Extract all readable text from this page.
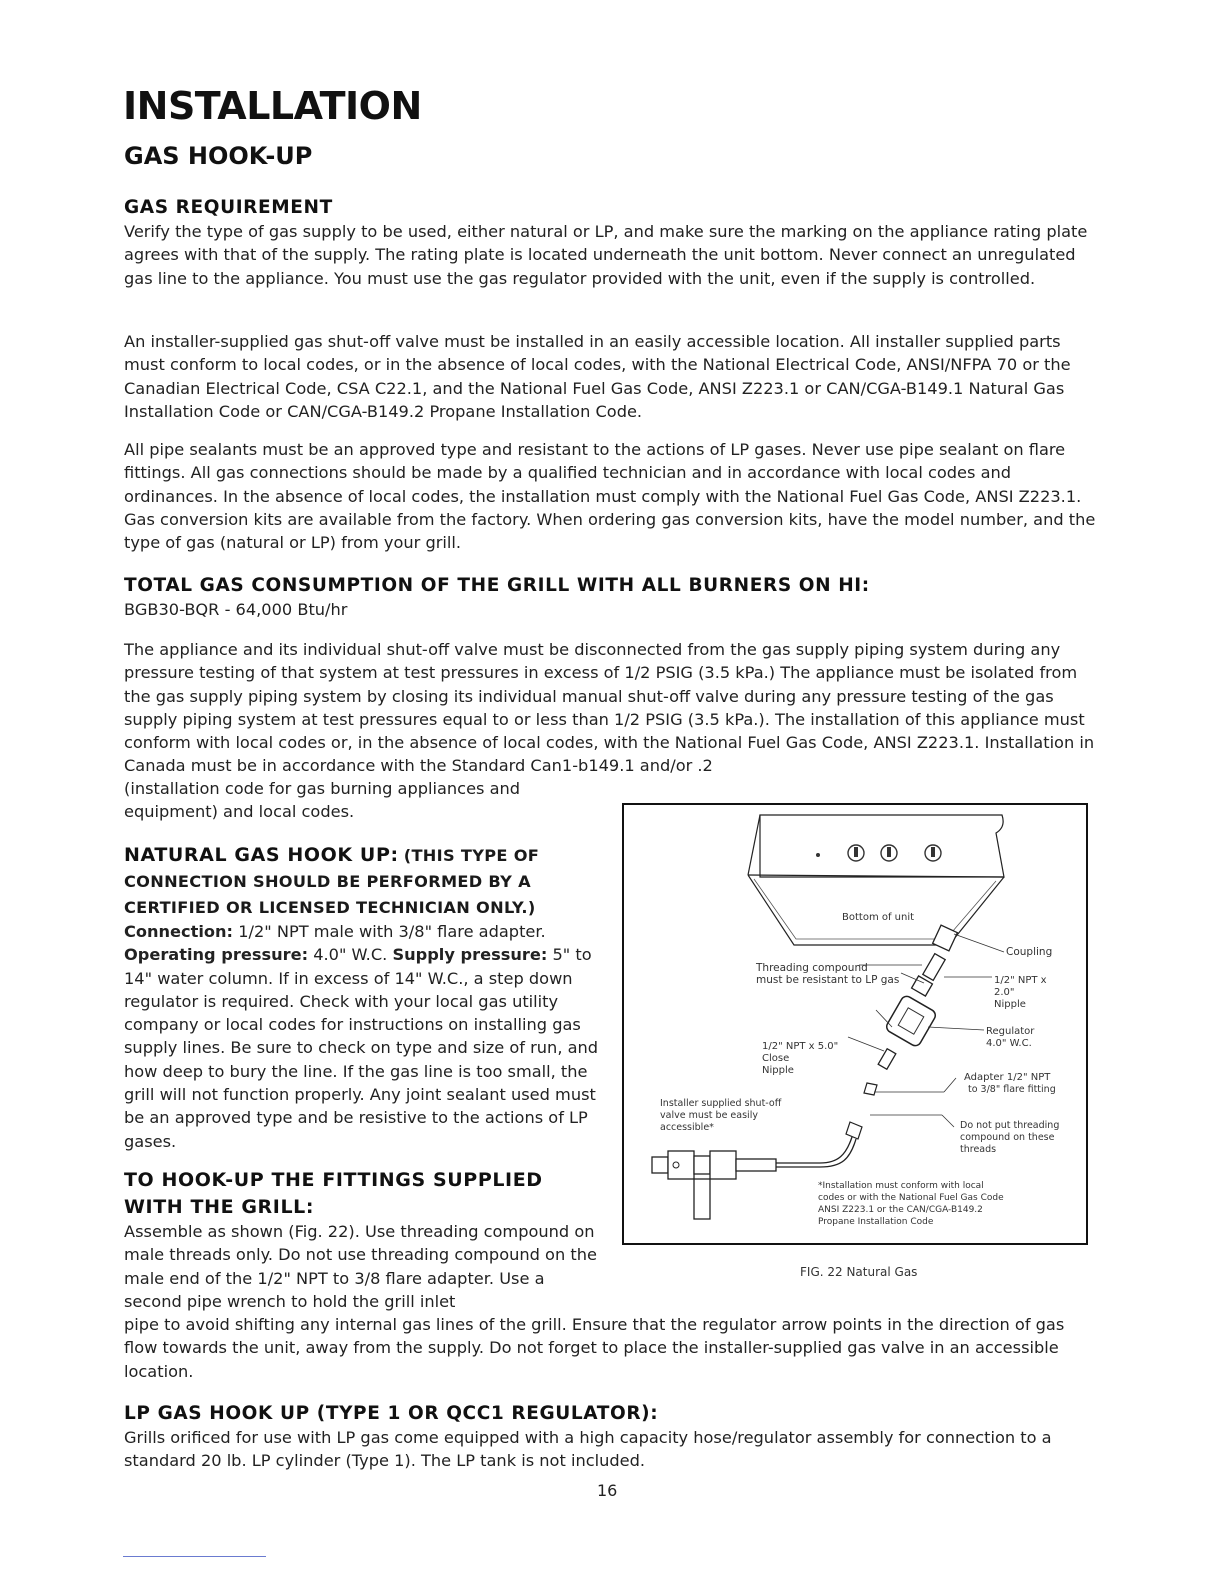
INSTALLATION
GAS HOOK-UP
GAS REQUIREMENT

Verify the type of gas supply to be used, either natural or LP, and make sure the marking on the appliance rating plate agrees with that of the supply. The rating plate is located underneath the unit bottom. Never connect an unregulated gas line to the appliance. You must use the gas regulator provided with the unit, even if the supply is controlled.

An installer-supplied gas shut-off valve must be installed in an easily accessible location. All installer supplied parts must conform to local codes, or in the absence of local codes, with the National Electrical Code, ANSI/NFPA 70 or the Canadian Electrical Code, CSA C22.1, and the National Fuel Gas Code, ANSI Z223.1 or CAN/CGA-B149.1 Natural Gas Installation Code or CAN/CGA-B149.2 Propane Installation Code.

All pipe sealants must be an approved type and resistant to the actions of LP gases. Never use pipe sealant on flare fittings. All gas connections should be made by a qualified technician and in accordance with local codes and ordinances. In the absence of local codes, the installation must comply with the National Fuel Gas Code, ANSI Z223.1. Gas conversion kits are available from the factory. When ordering gas conversion kits, have the model number, and the type of gas (natural or LP) from your grill.

TOTAL GAS CONSUMPTION OF THE GRILL WITH ALL BURNERS ON HI:
BGB30-BQR - 64,000 Btu/hr

The appliance and its individual shut-off valve must be disconnected from the gas supply piping system during any pressure testing of that system at test pressures in excess of 1/2 PSIG (3.5 kPa.) The appliance must be isolated from the gas supply piping system by closing its individual manual shut-off valve during any pressure testing of the gas supply piping system at test pressures equal to or less than 1/2 PSIG (3.5 kPa.). The installation of this appliance must conform with local codes or, in the absence of local codes, with the National Fuel Gas Code, ANSI Z223.1. Installation in Canada must be in accordance with the Standard Can1-b149.1 and/or .2

(installation code for gas burning appliances and
equipment) and local codes.
NATURAL GAS HOOK UP: (THIS TYPE OF
CONNECTION SHOULD BE PERFORMED BY A
CERTIFIED OR LICENSED TECHNICIAN ONLY.)

Connection: 1/2" NPT male with 3/8" flare adapter.
Operating pressure: 4.0" W.C. Supply pressure: 5" to 14" water column. If in excess of 14" W.C., a step down regulator is required. Check with your local gas utility company or local codes for instructions on installing gas supply lines. Be sure to check on type and size of run, and how deep to bury the line. If the gas line is too small, the grill will not function properly. Any joint sealant used must be an approved type and be resistive to the actions of LP gases.

TO HOOK-UP THE FITTINGS SUPPLIED
WITH THE GRILL:

Assemble as shown (Fig. 22). Use threading compound on male threads only. Do not use threading compound on the male end of the 1/2" NPT to 3/8 flare adapter. Use a second pipe wrench to hold the grill inlet

pipe to avoid shifting any internal gas lines of the grill. Ensure that the regulator arrow points in the direction of gas flow towards the unit, away from the supply. Do not forget to place the installer-supplied gas valve in an accessible location.

LP GAS HOOK UP (TYPE 1 OR QCC1 REGULATOR):

Grills orificed for use with LP gas come equipped with a high capacity hose/regulator assembly for connection to a standard 20 lb. LP cylinder (Type 1). The LP tank is not included.

Bottom of unit
Coupling
Threading compound
must be resistant to LP gas	1/2" NPT x
2.0"
Nipple
Regulator
4.0" W.C.
1/2" NPT x 5.0"
Close
Nipple
Adapter 1/2" NPT
to 3/8" flare fitting
Installer supplied shut-off
valve must be easily
accessible*	Do not put threading
compound on these
threads
*Installation must conform with local
codes or with the National Fuel Gas Code
ANSI Z223.1 or the CAN/CGA-B149.2
Propane Installation Code
FIG. 22 Natural Gas
16
